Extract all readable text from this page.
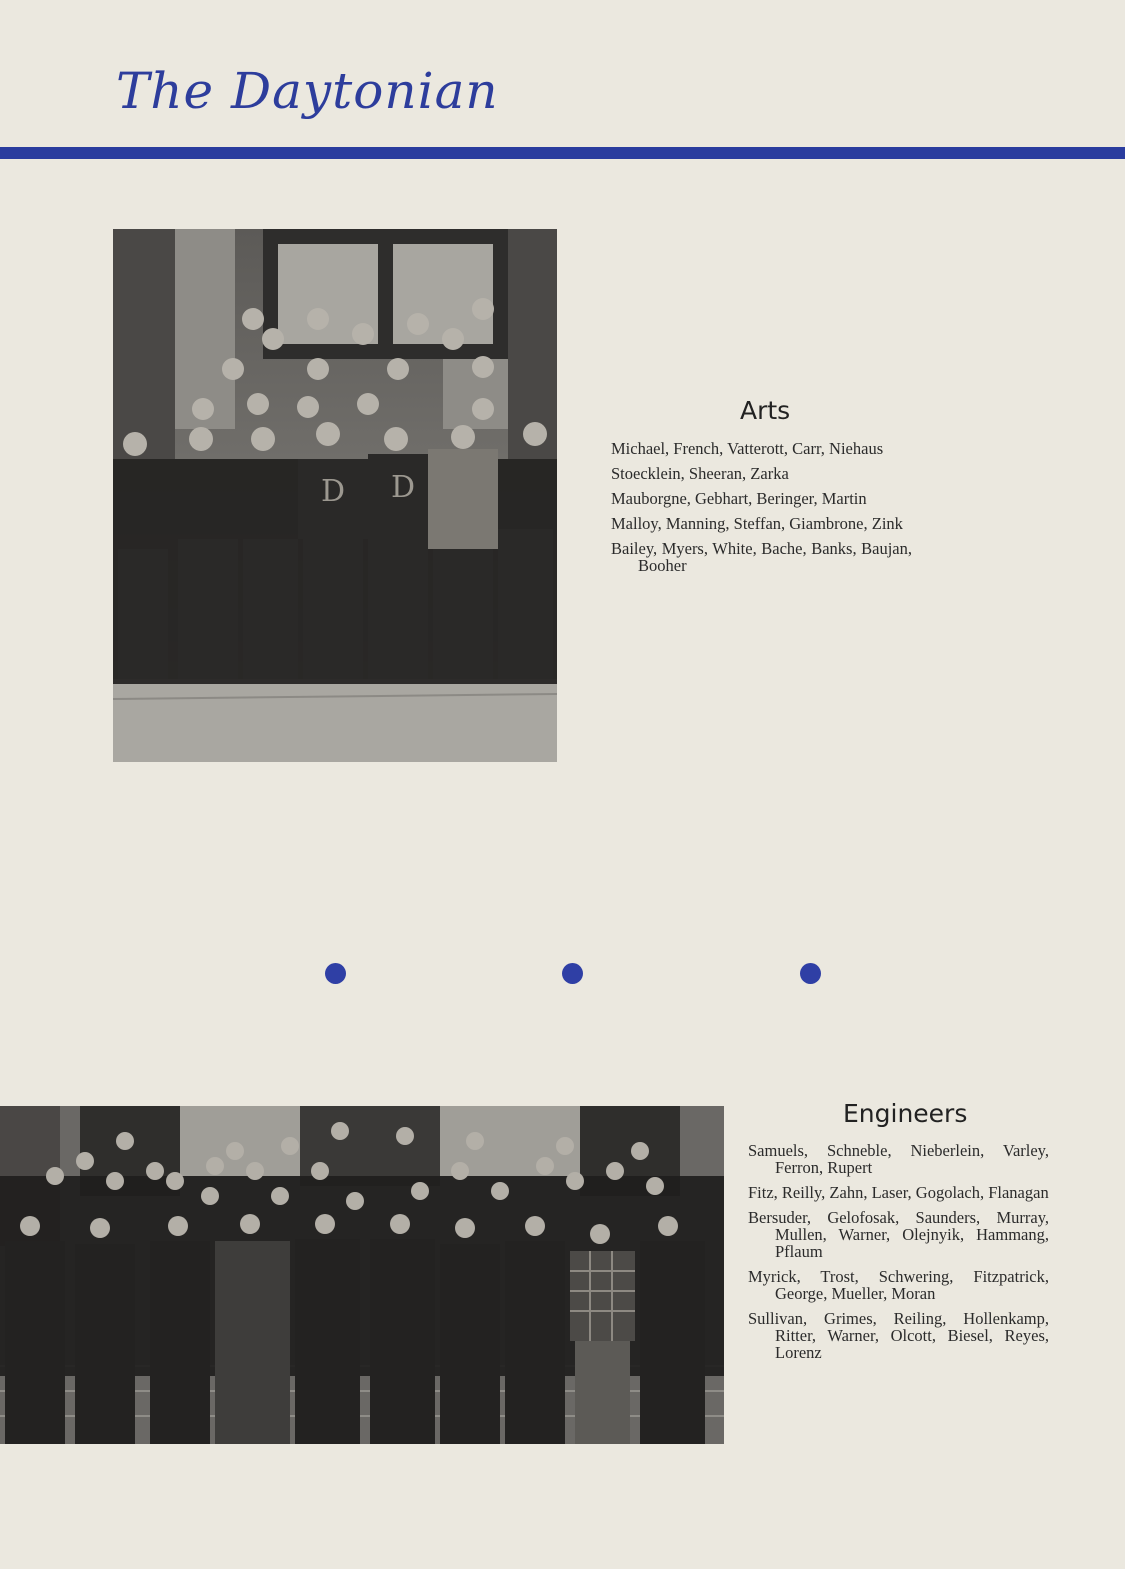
The Daytonian
D D
Arts
Michael, French, Vatterott, Carr, Niehaus
Stoecklein, Sheeran, Zarka
Mauborgne, Gebhart, Beringer, Martin
Malloy, Manning, Steffan, Giambrone, Zink
Bailey, Myers, White, Bache, Banks, Baujan, Booher
Engineers
Samuels, Schneble, Nieberlein, Varley, Ferron, Rupert
Fitz, Reilly, Zahn, Laser, Gogolach, Flanagan
Bersuder, Gelofosak, Saunders, Murray, Mullen, Warner, Olejnyik, Hammang, Pflaum
Myrick, Trost, Schwering, Fitzpatrick, George, Mueller, Moran
Sullivan, Grimes, Reiling, Hollenkamp, Ritter, Warner, Olcott, Biesel, Reyes, Lorenz
